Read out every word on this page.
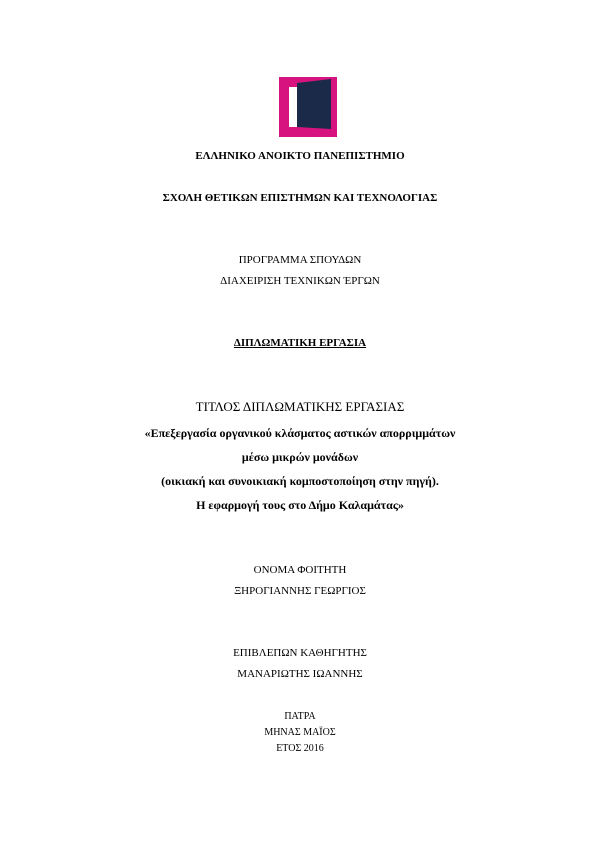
ΕΛΛΗΝΙΚΟ ΑΝΟΙΚΤΟ ΠΑΝΕΠΙΣΤΗΜΙΟ
ΣΧΟΛΗ ΘΕΤΙΚΩΝ ΕΠΙΣΤΗΜΩΝ ΚΑΙ ΤΕΧΝΟΛΟΓΙΑΣ
ΠΡΟΓΡΑΜΜΑ ΣΠΟΥΔΩΝ
ΔΙΑΧΕΙΡΙΣΗ ΤΕΧΝΙΚΩΝ ΈΡΓΩΝ
ΔΙΠΛΩΜΑΤΙΚΗ ΕΡΓΑΣΙΑ
ΤΙΤΛΟΣ ΔΙΠΛΩΜΑΤΙΚΗΣ ΕΡΓΑΣΙΑΣ
«Επεξεργασία οργανικού κλάσματος αστικών απορριμμάτων
μέσω μικρών μονάδων
(οικιακή και συνοικιακή κομποστοποίηση στην πηγή).
Η εφαρμογή τους στο Δήμο Καλαμάτας»
ΟΝΟΜΑ ΦΟΙΤΗΤΗ
ΞΗΡΟΓΙΑΝΝΗΣ ΓΕΩΡΓΙΟΣ
ΕΠΙΒΛΕΠΩΝ ΚΑΘΗΓΗΤΗΣ
ΜΑΝΑΡΙΩΤΗΣ ΙΩΑΝΝΗΣ
ΠΑΤΡΑ
ΜΗΝΑΣ ΜΑΪΟΣ
ΕΤΟΣ 2016
